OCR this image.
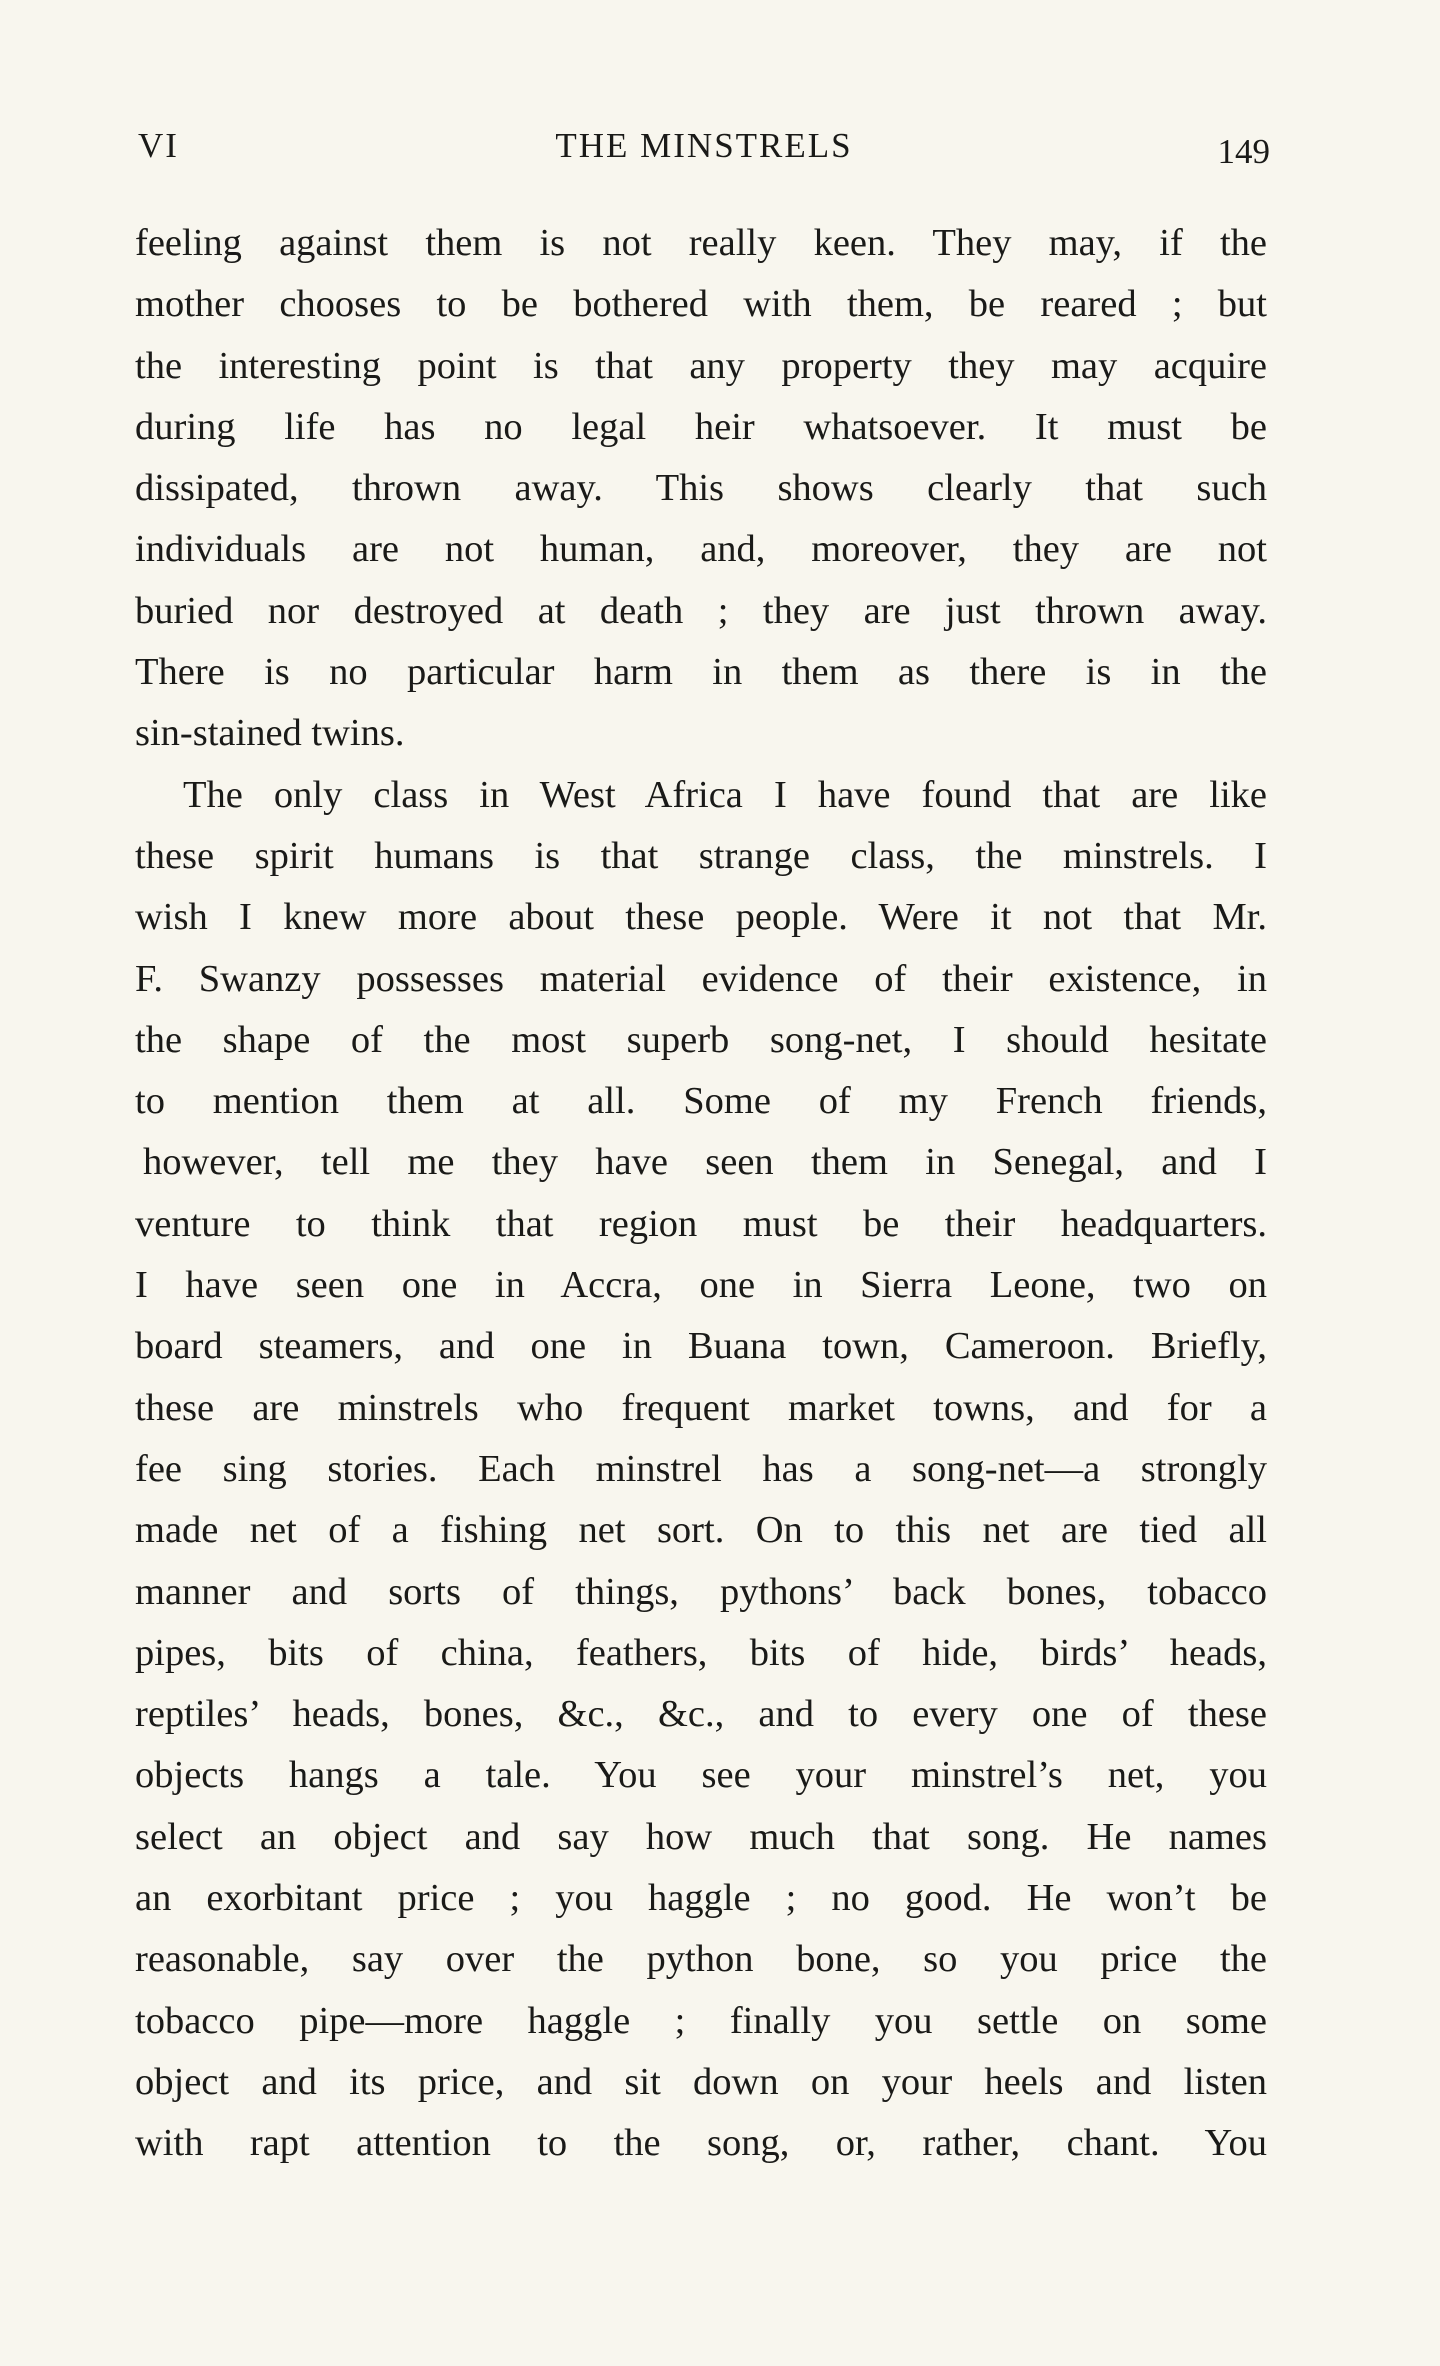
VI	THE MINSTRELS	149
feeling against them is not really keen. They may, if the
mother chooses to be bothered with them, be reared ; but
the interesting point is that any property they may acquire
during life has no legal heir whatsoever. It must be
dissipated, thrown away. This shows clearly that such
individuals are not human, and, moreover, they are not
buried nor destroyed at death ; they are just thrown away.
There is no particular harm in them as there is in the
sin-stained twins.
The only class in West Africa I have found that are like
these spirit humans is that strange class, the minstrels. I
wish I knew more about these people. Were it not that Mr.
F. Swanzy possesses material evidence of their existence, in
the shape of the most superb song-net, I should hesitate
to mention them at all. Some of my French friends,
however, tell me they have seen them in Senegal, and I
venture to think that region must be their headquarters.
I have seen one in Accra, one in Sierra Leone, two on
board steamers, and one in Buana town, Cameroon. Briefly,
these are minstrels who frequent market towns, and for a
fee sing stories. Each minstrel has a song-net—a strongly
made net of a fishing net sort. On to this net are tied all
manner and sorts of things, pythons’ back bones, tobacco
pipes, bits of china, feathers, bits of hide, birds’ heads,
reptiles’ heads, bones, &c., &c., and to every one of these
objects hangs a tale. You see your minstrel’s net, you
select an object and say how much that song. He names
an exorbitant price ; you haggle ; no good. He won’t be
reasonable, say over the python bone, so you price the
tobacco pipe—more haggle ; finally you settle on some
object and its price, and sit down on your heels and listen
with rapt attention to the song, or, rather, chant. You
